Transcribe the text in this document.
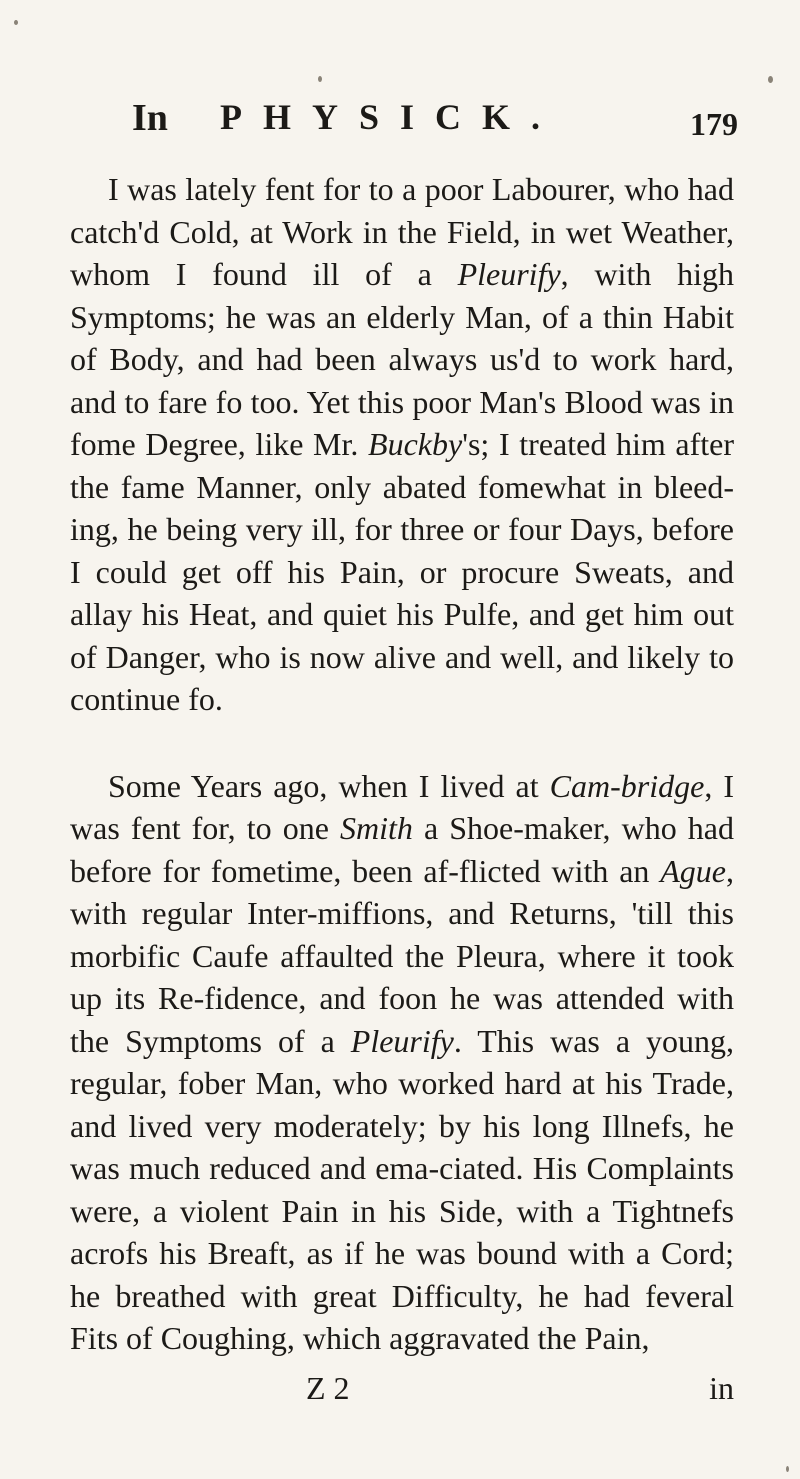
In PHYSICK.	179

I was lately fent for to a poor Labourer, who had catch'd Cold, at Work in the Field, in wet Weather, whom I found ill of a Pleurify, with high Symptoms; he was an elderly Man, of a thin Habit of Body, and had been always us'd to work hard, and to fare fo too. Yet this poor Man's Blood was in fome Degree, like Mr. Buckby's; I treated him after the fame Manner, only abated fomewhat in bleed-ing, he being very ill, for three or four Days, before I could get off his Pain, or procure Sweats, and allay his Heat, and quiet his Pulfe, and get him out of Danger, who is now alive and well, and likely to continue fo.

Some Years ago, when I lived at Cam-bridge, I was fent for, to one Smith a Shoe-maker, who had before for fometime, been af-flicted with an Ague, with regular Inter-miffions, and Returns, 'till this morbific Caufe affaulted the Pleura, where it took up its Re-fidence, and foon he was attended with the Symptoms of a Pleurify. This was a young, regular, fober Man, who worked hard at his Trade, and lived very moderately; by his long Illnefs, he was much reduced and ema-ciated. His Complaints were, a violent Pain in his Side, with a Tightnefs acrofs his Breaft, as if he was bound with a Cord; he breathed with great Difficulty, he had feveral Fits of Coughing, which aggravated the Pain,

Z 2	in
